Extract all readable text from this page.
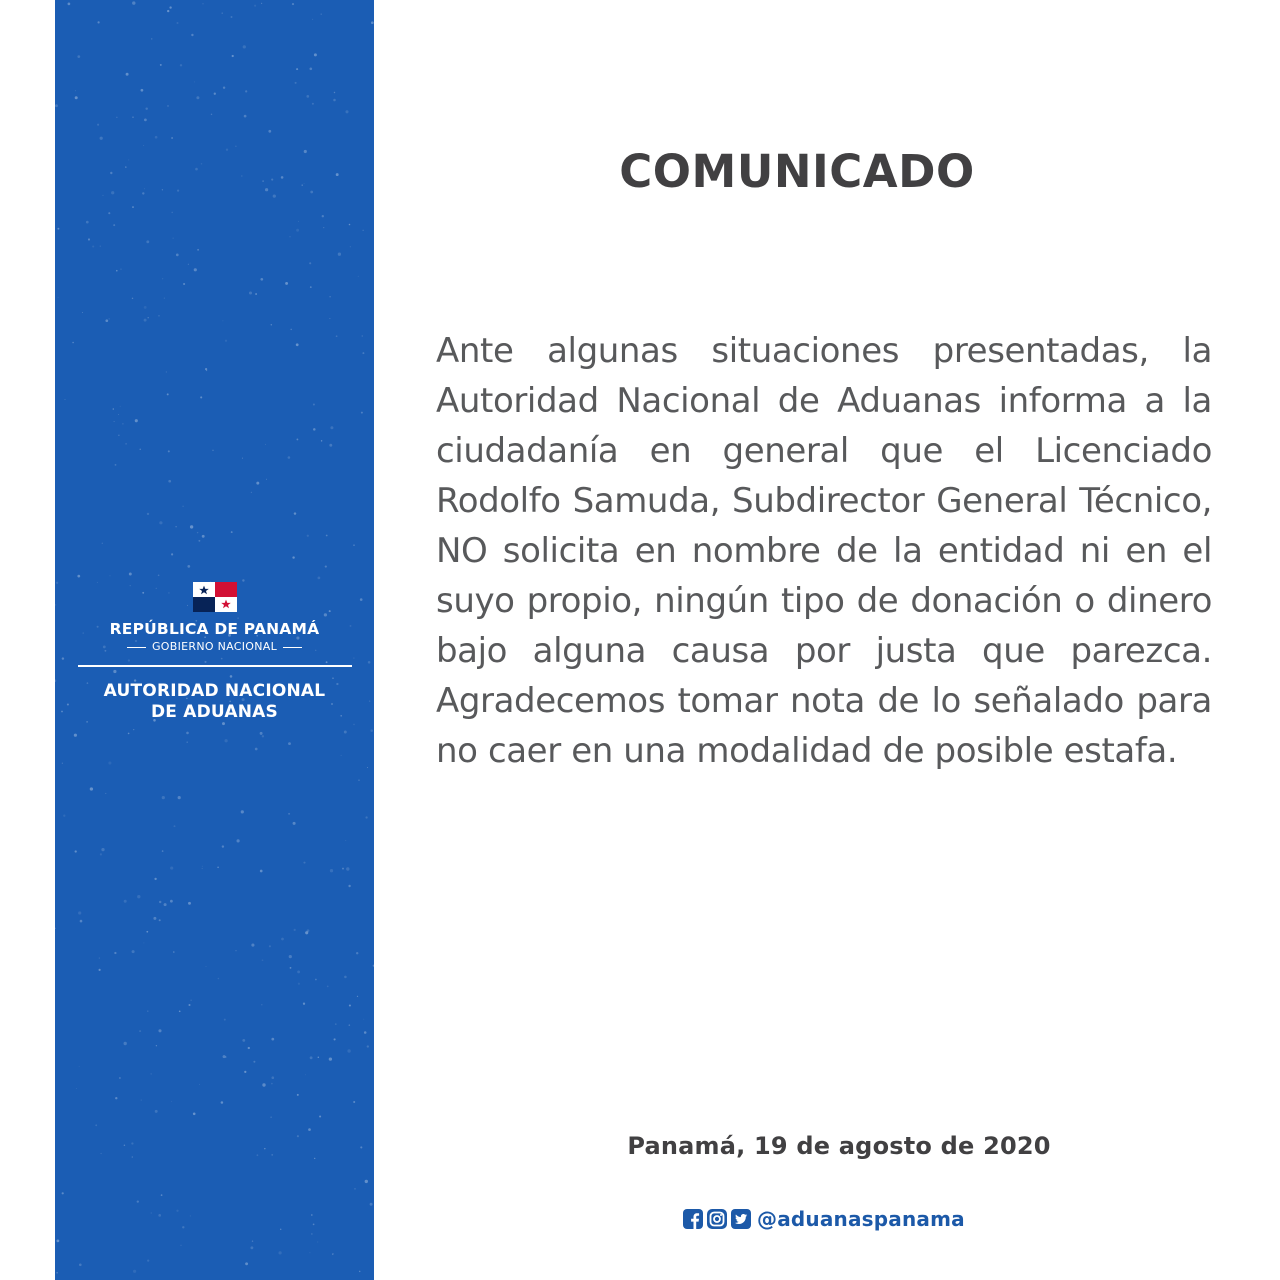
REPÚBLICA DE PANAMÁ
GOBIERNO NACIONAL
AUTORIDAD NACIONAL
DE ADUANAS
COMUNICADO

Ante algunas situaciones presentadas, la Autoridad Nacional de Aduanas informa a la ciudadanía en general que el Licenciado Rodolfo Samuda, Subdirector General Técnico, NO solicita en nombre de la entidad ni en el suyo propio, ningún tipo de donación o dinero bajo alguna causa por justa que parezca. Agradecemos tomar nota de lo señalado para no caer en una modalidad de posible estafa.

Panamá, 19 de agosto de 2020
@aduanaspanama
